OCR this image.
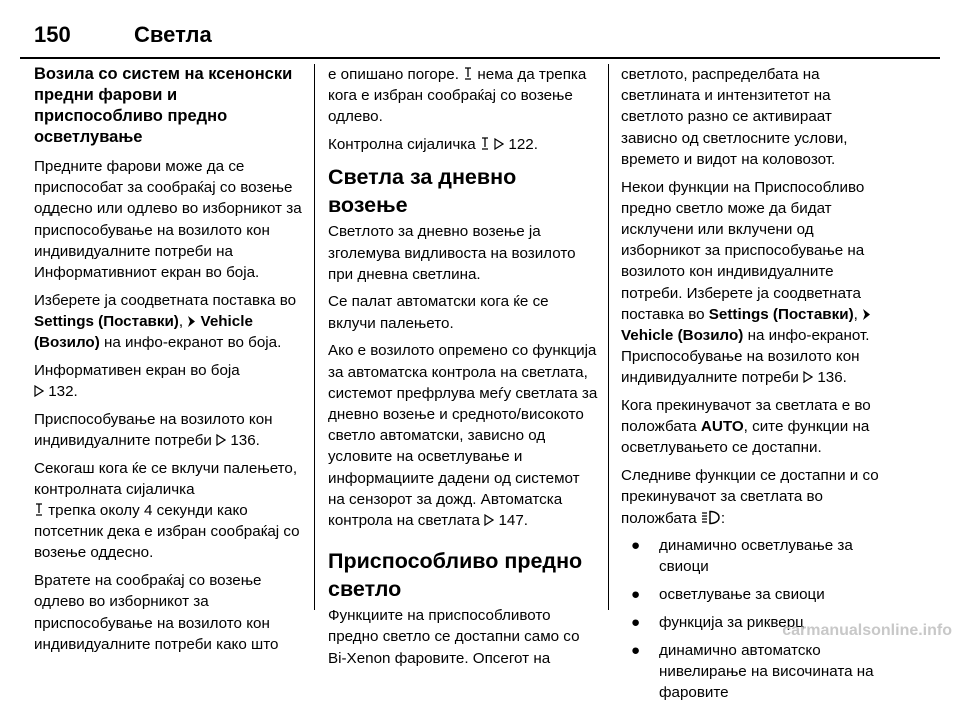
150	Светла
Возила со систем на ксенонски предни фарови и приспособливо предно осветлување

Предните фарови може да се приспособат за сообраќај со возење оддесно или одлево во изборникот за приспособување на возилото кон индивидуалните потреби на Информативниот екран во боја.

Изберете ја соодветната поставка во Settings (Поставки),  Vehicle (Возило) на инфо-екранот во боја.

Информативен екран во боја
132.

Приспособување на возилото кон индивидуалните потреби  136.

Секогаш кога ќе се вклучи палењето, контролната сијаличка
трепка околу 4 секунди како потсетник дека е избран сообраќај со возење оддесно.

Вратете на сообраќај со возење одлево во изборникот за приспособување на возилото кон индивидуалните потреби како што

е опишано погоре.  нема да трепка кога е избран сообраќај со возење одлево.

Контролна сијаличка   122.

Светла за дневно возење

Светлото за дневно возење ја зголемува видливоста на возилото при дневна светлина.

Се палат автоматски кога ќе се вклучи палењето.

Ако е возилото опремено со функција за автоматска контрола на светлата, системот префрлува меѓу светлата за дневно возење и средното/високото светло автоматски, зависно од условите на осветлување и информациите дадени од системот на сензорот за дожд. Автоматска контрола на светлата  147.

Приспособливо предно светло

Функциите на приспособливото предно светло се достапни само со Bi-Xenon фаровите. Опсегот на

светлото, распределбата на светлината и интензитетот на светлото разно се активираат зависно од светлосните услови, времето и видот на коловозот.

Некои функции на Приспособливо предно светло може да бидат исклучени или вклучени од изборникот за приспособување на возилото кон индивидуалните потреби. Изберете ја соодветната поставка во Settings (Поставки),
Vehicle (Возило) на инфо-екранот. Приспособување на возилото кон индивидуалните потреби  136.

Кога прекинувачот за светлата е во положбата AUTO, сите функции на осветлувањето се достапни.

Следниве функции се достапни и со прекинувачот за светлата во положбата :

● динамично осветлување за свиоци
● осветлување за свиоци
● функција за рикверц
● динамично автоматско нивелирање на височината на фаровите
carmanualsonline.info
